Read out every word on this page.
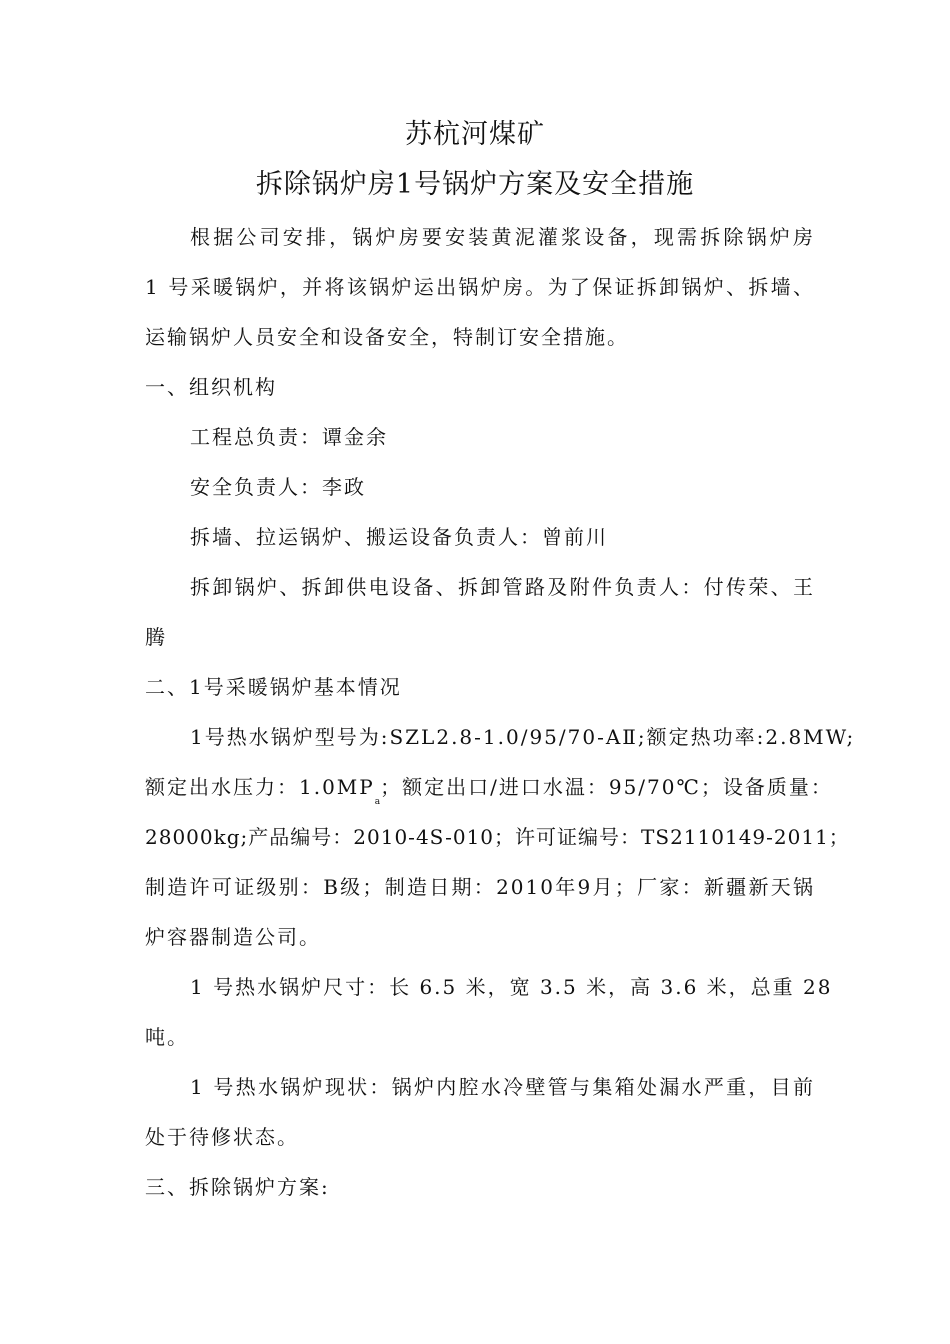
苏杭河煤矿
拆除锅炉房1号锅炉方案及安全措施
根据公司安排，锅炉房要安装黄泥灌浆设备，现需拆除锅炉房
1 号采暖锅炉，并将该锅炉运出锅炉房。为了保证拆卸锅炉、拆墙、
运输锅炉人员安全和设备安全，特制订安全措施。
一、组织机构
工程总负责：谭金余
安全负责人：李政
拆墙、拉运锅炉、搬运设备负责人：曾前川
拆卸锅炉、拆卸供电设备、拆卸管路及附件负责人：付传荣、王
腾
二、1号采暖锅炉基本情况
1号热水锅炉型号为:SZL2.8-1.0/95/70-AⅡ;额定热功率:2.8MW;
额定出水压力：$1.0MP_a$；额定出口/进口水温：95/70℃；设备质量：
28000kg;产品编号：2010-4S-010；许可证编号：TS2110149-2011；
制造许可证级别：B级；制造日期：2010年9月；厂家：新疆新天锅
炉容器制造公司。
1 号热水锅炉尺寸：长 6.5 米，宽 3.5 米，高 3.6 米，总重 28
吨。
1 号热水锅炉现状：锅炉内腔水冷壁管与集箱处漏水严重，目前
处于待修状态。
三、拆除锅炉方案:
